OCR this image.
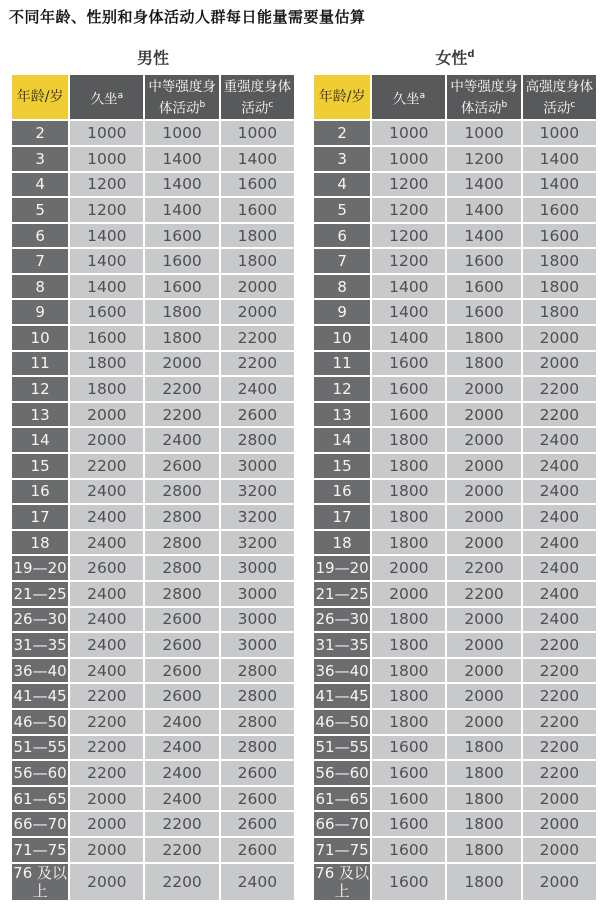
不同年龄、性别和身体活动人群每日能量需要量估算
男性
年龄/岁	久坐$^a$	中等强度身体活动$^b$	重强度身体活动$^c$
2	1000	1000	1000
3	1000	1400	1400
4	1200	1400	1600
5	1200	1400	1600
6	1400	1600	1800
7	1400	1600	1800
8	1400	1600	2000
9	1600	1800	2000
10	1600	1800	2200
11	1800	2000	2200
12	1800	2200	2400
13	2000	2200	2600
14	2000	2400	2800
15	2200	2600	3000
16	2400	2800	3200
17	2400	2800	3200
18	2400	2800	3200
19—20	2600	2800	3000
21—25	2400	2800	3000
26—30	2400	2600	3000
31—35	2400	2600	3000
36—40	2400	2600	2800
41—45	2200	2600	2800
46—50	2200	2400	2800
51—55	2200	2400	2800
56—60	2200	2400	2600
61—65	2000	2400	2600
66—70	2000	2200	2600
71—75	2000	2200	2600
76 及以上	2000	2200	2400
女性$^d$
年龄/岁	久坐$^a$	中等强度身体活动$^b$	高强度身体活动$^c$
2	1000	1000	1000
3	1000	1200	1400
4	1200	1400	1400
5	1200	1400	1600
6	1200	1400	1600
7	1200	1600	1800
8	1400	1600	1800
9	1400	1600	1800
10	1400	1800	2000
11	1600	1800	2000
12	1600	2000	2200
13	1600	2000	2200
14	1800	2000	2400
15	1800	2000	2400
16	1800	2000	2400
17	1800	2000	2400
18	1800	2000	2400
19—20	2000	2200	2400
21—25	2000	2200	2400
26—30	1800	2000	2400
31—35	1800	2000	2200
36—40	1800	2000	2200
41—45	1800	2000	2200
46—50	1800	2000	2200
51—55	1600	1800	2200
56—60	1600	1800	2200
61—65	1600	1800	2000
66—70	1600	1800	2000
71—75	1600	1800	2000
76 及以上	1600	1800	2000
